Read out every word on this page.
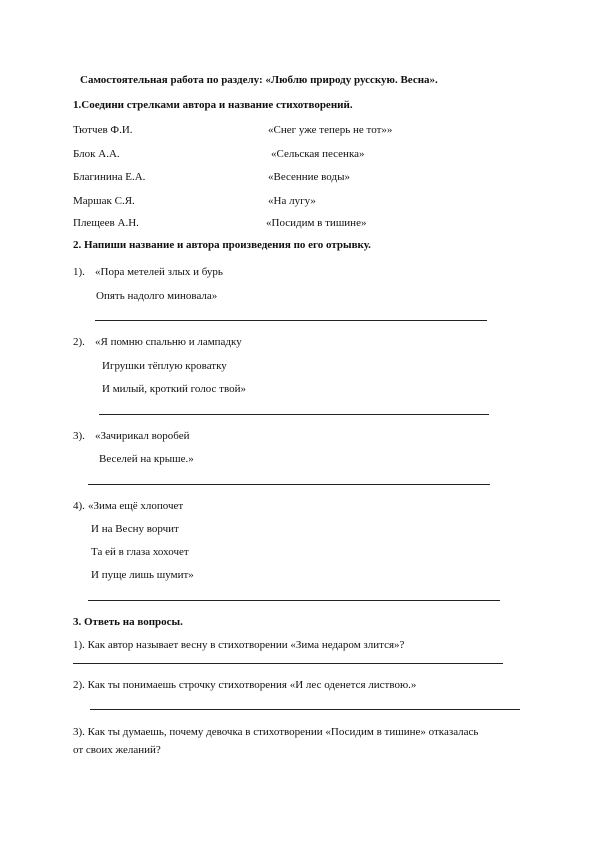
Самостоятельная работа по разделу: «Люблю природу русскую. Весна».
1.Соедини стрелками автора и название стихотворений.
Тютчев Ф.И.
Блок А.А.
Благинина Е.А.
Маршак С.Я.
Плещеев А.Н.
«Снег уже теперь не тот»»
«Сельская песенка»
«Весенние воды»
«На лугу»
«Посидим в тишине»
2. Напиши название и автора произведения по его отрывку.
1). «Пора метелей злых и бурь
Опять надолго миновала»
2). «Я помню спальню и лампадку
Игрушки тёплую кроватку
И милый, кроткий голос твой»
3). «Зачирикал воробей
Веселей на крыше.»
4). «Зима ещё хлопочет
И на Весну ворчит
Та ей в глаза хохочет
И пуще лишь шумит»
3. Ответь на вопросы.
1). Как автор называет весну в стихотворении «Зима недаром злится»?
2). Как ты понимаешь строчку стихотворения «И лес оденется листвою.»
3). Как ты думаешь, почему девочка в стихотворении «Посидим в тишине» отказалась
от своих желаний?
